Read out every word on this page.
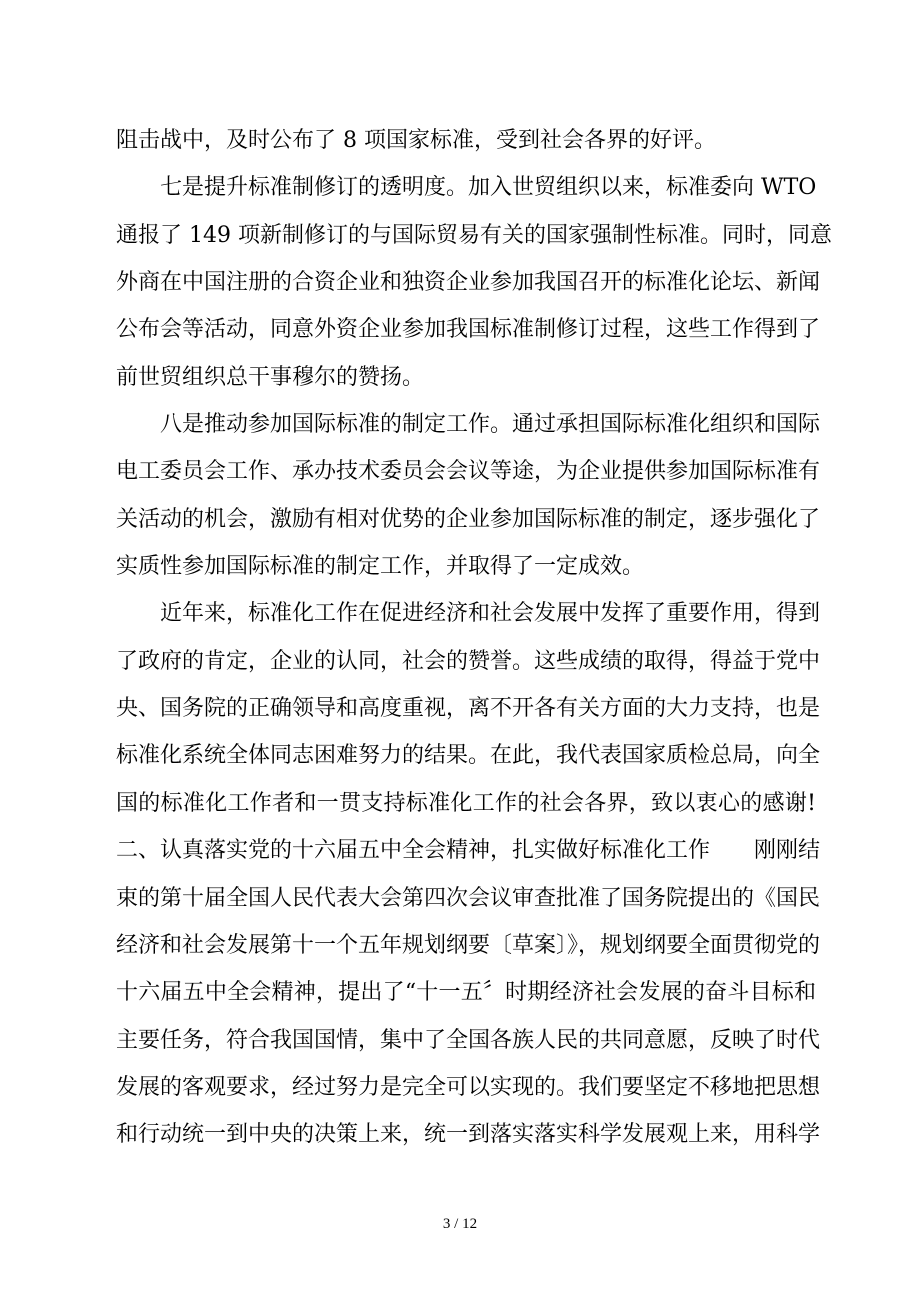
阻击战中，及时公布了 8 项国家标准，受到社会各界的好评。
七是提升标准制修订的透明度。加入世贸组织以来，标准委向 WTO
通报了 149 项新制修订的与国际贸易有关的国家强制性标准。同时，同意
外商在中国注册的合资企业和独资企业参加我国召开的标准化论坛、新闻
公布会等活动，同意外资企业参加我国标准制修订过程，这些工作得到了
前世贸组织总干事穆尔的赞扬。
八是推动参加国际标准的制定工作。通过承担国际标准化组织和国际
电工委员会工作、承办技术委员会会议等途，为企业提供参加国际标准有
关活动的机会，激励有相对优势的企业参加国际标准的制定，逐步强化了
实质性参加国际标准的制定工作，并取得了一定成效。
近年来，标准化工作在促进经济和社会发展中发挥了重要作用，得到
了政府的肯定，企业的认同，社会的赞誉。这些成绩的取得，得益于党中
央、国务院的正确领导和高度重视，离不开各有关方面的大力支持，也是
标准化系统全体同志困难努力的结果。在此，我代表国家质检总局，向全
国的标准化工作者和一贯支持标准化工作的社会各界，致以衷心的感谢!
二、认真落实党的十六届五中全会精神，扎实做好标准化工作　　刚刚结
束的第十届全国人民代表大会第四次会议审查批准了国务院提出的《国民
经济和社会发展第十一个五年规划纲要〔草案〕》，规划纲要全面贯彻党的
十六届五中全会精神，提出了“十一五〞时期经济社会发展的奋斗目标和
主要任务，符合我国国情，集中了全国各族人民的共同意愿，反映了时代
发展的客观要求，经过努力是完全可以实现的。我们要坚定不移地把思想
和行动统一到中央的决策上来，统一到落实落实科学发展观上来，用科学
3 / 12
